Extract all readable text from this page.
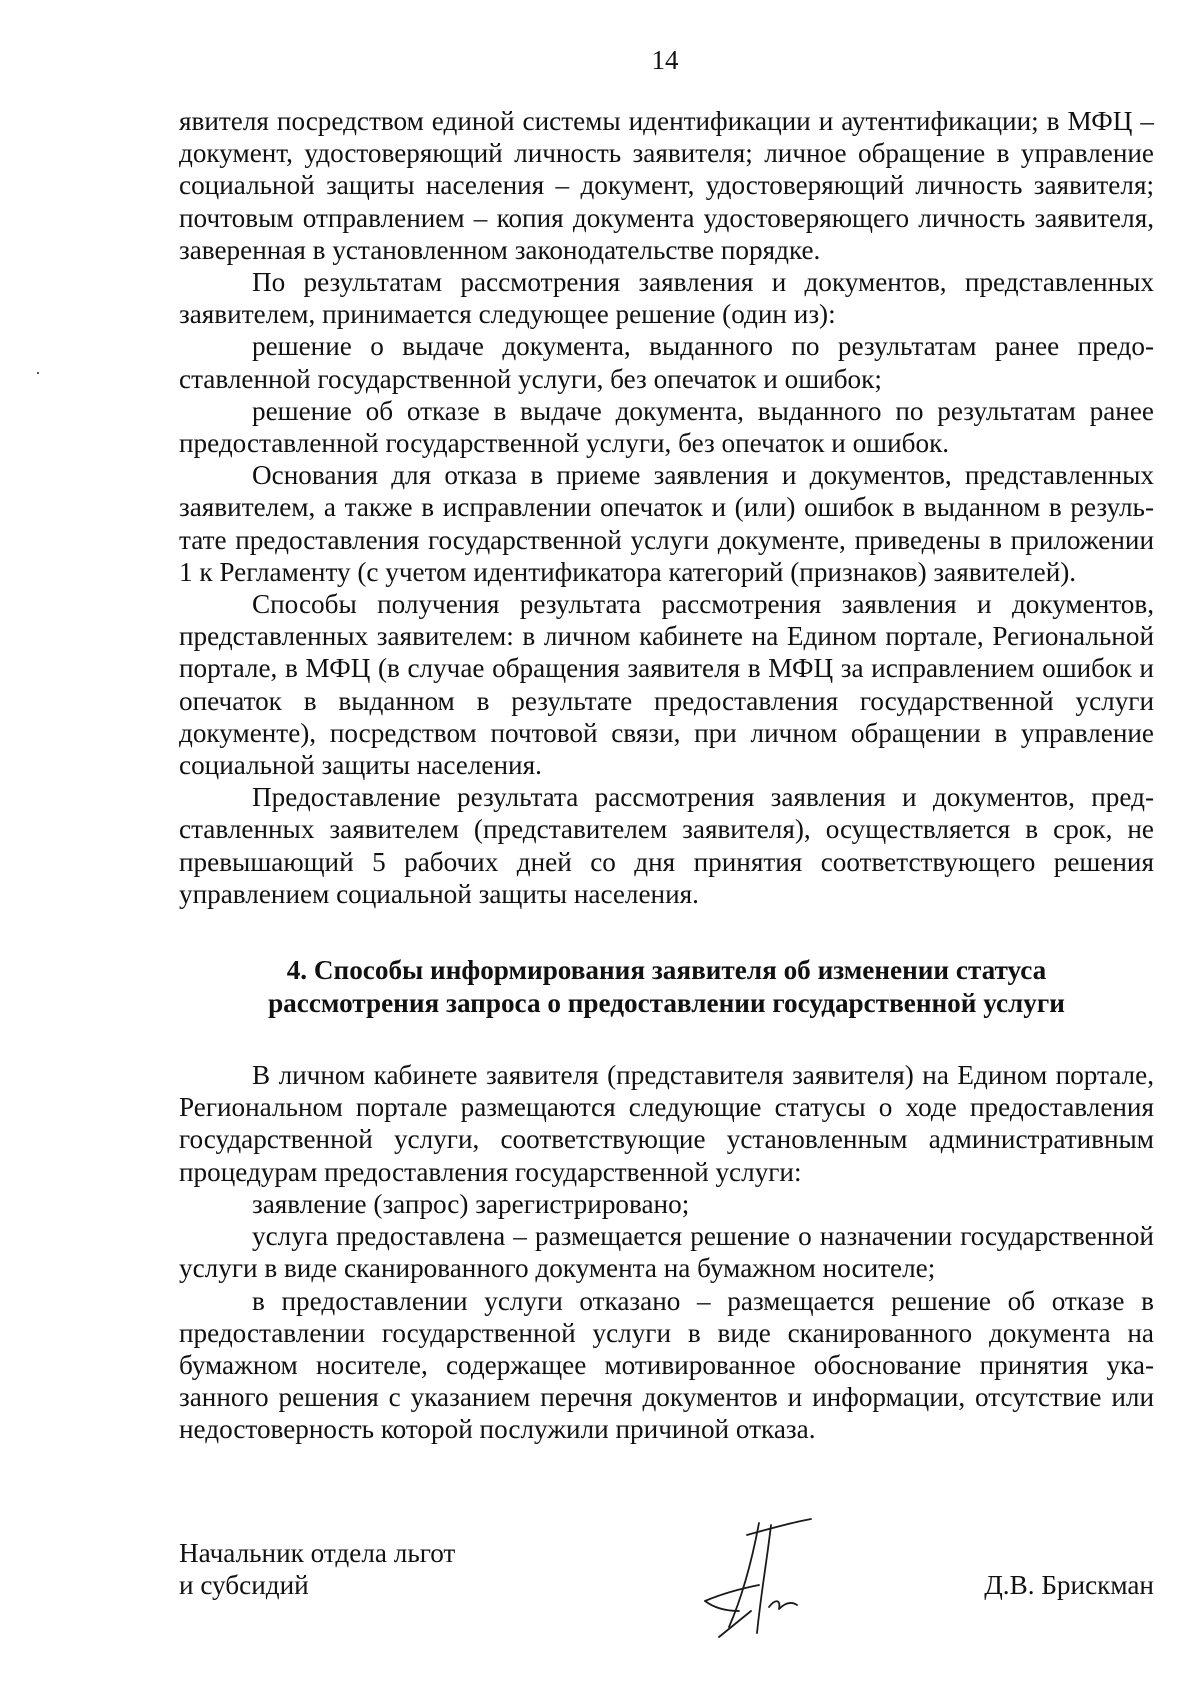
14

явителя посредством единой системы идентификации и аутентификации; в МФЦ – документ, удостоверяющий личность заявителя; личное обращение в управление социальной защиты населения – документ, удостоверяющий личность заявителя; почтовым отправлением – копия документа удостоверяющего личность заявителя, заверенная в установленном законодательстве порядке.

По результатам рассмотрения заявления и документов, представленных заявителем, принимается следующее решение (один из):

решение о выдаче документа, выданного по результатам ранее предоставленной государственной услуги, без опечаток и ошибок;

решение об отказе в выдаче документа, выданного по результатам ранее предоставленной государственной услуги, без опечаток и ошибок.

Основания для отказа в приеме заявления и документов, представленных заявителем, а также в исправлении опечаток и (или) ошибок в выданном в результате предоставления государственной услуги документе, приведены в приложении 1 к Регламенту (с учетом идентификатора категорий (признаков) заявителей).

Способы получения результата рассмотрения заявления и документов, представленных заявителем: в личном кабинете на Едином портале, Региональной портале, в МФЦ (в случае обращения заявителя в МФЦ за исправлением ошибок и опечаток в выданном в результате предоставления государственной услуги документе), посредством почтовой связи, при личном обращении в управление социальной защиты населения.

Предоставление результата рассмотрения заявления и документов, представленных заявителем (представителем заявителя), осуществляется в срок, не превышающий 5 рабочих дней со дня принятия соответствующего решения управлением социальной защиты населения.

4. Способы информирования заявителя об изменении статуса рассмотрения запроса о предоставлении государственной услуги

В личном кабинете заявителя (представителя заявителя) на Едином портале, Региональном портале размещаются следующие статусы о ходе предоставления государственной услуги, соответствующие установленным административным процедурам предоставления государственной услуги:

заявление (запрос) зарегистрировано;

услуга предоставлена – размещается решение о назначении государственной услуги в виде сканированного документа на бумажном носителе;

в предоставлении услуги отказано – размещается решение об отказе в предоставлении государственной услуги в виде сканированного документа на бумажном носителе, содержащее мотивированное обоснование принятия указанного решения с указанием перечня документов и информации, отсутствие или недостоверность которой послужили причиной отказа.

Начальник отдела льгот
и субсидий	Д.В. Брискман
